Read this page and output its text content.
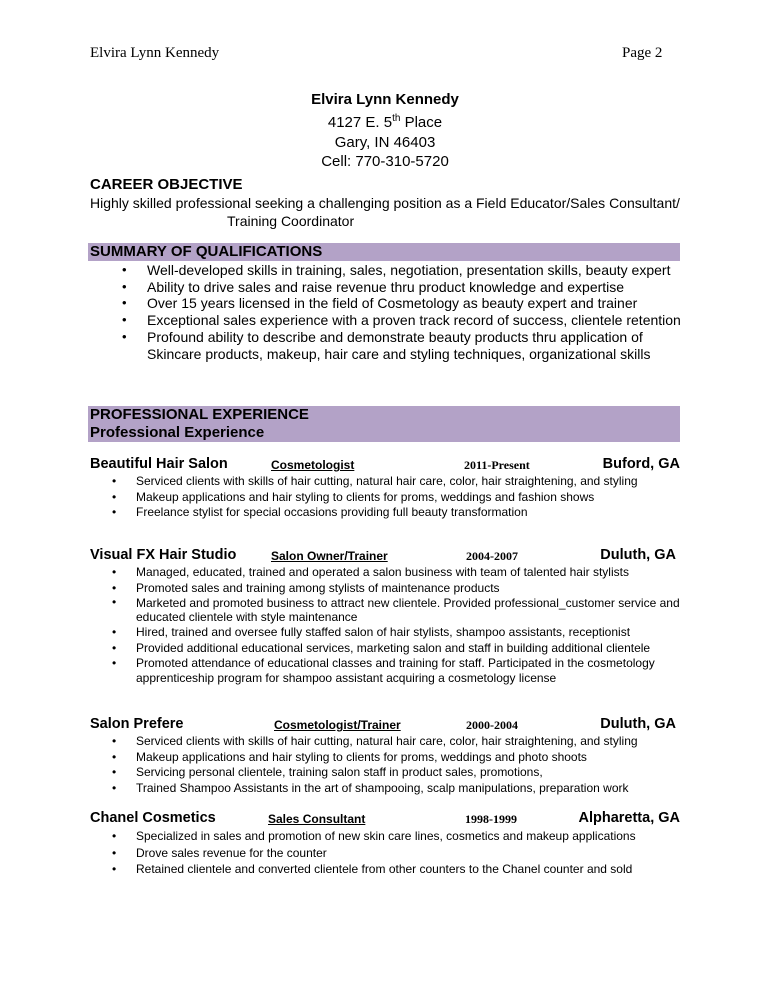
Elvira Lynn Kennedy	Page 2
Elvira Lynn Kennedy
4127 E. 5th Place
Gary, IN 46403
Cell: 770-310-5720
CAREER OBJECTIVE
Highly skilled professional seeking a challenging position as a Field Educator/Sales Consultant/
Training Coordinator
SUMMARY OF QUALIFICATIONS
• Well-developed skills in training, sales, negotiation, presentation skills, beauty expert
• Ability to drive sales and raise revenue thru product knowledge and expertise
• Over 15 years licensed in the field of Cosmetology as beauty expert and trainer
• Exceptional sales experience with a proven track record of success, clientele retention
• Profound ability to describe and demonstrate beauty products thru application of Skincare products, makeup, hair care and styling techniques, organizational skills
PROFESSIONAL EXPERIENCE
Professional Experience
Beautiful Hair Salon	Cosmetologist	2011-Present	Buford, GA
• Serviced clients with skills of hair cutting, natural hair care, color, hair straightening, and styling
• Makeup applications and hair styling to clients for proms, weddings and fashion shows
• Freelance stylist for special occasions providing full beauty transformation
Visual FX Hair Studio	Salon Owner/Trainer	2004-2007	Duluth, GA
• Managed, educated, trained and operated a salon business with team of talented hair stylists
• Promoted sales and training among stylists of maintenance products
• Marketed and promoted business to attract new clientele. Provided professional_customer service and educated clientele with style maintenance
• Hired, trained and oversee fully staffed salon of hair stylists, shampoo assistants, receptionist
• Provided additional educational services, marketing salon and staff in building additional clientele
• Promoted attendance of educational classes and training for staff. Participated in the cosmetology apprenticeship program for shampoo assistant acquiring a cosmetology license
Salon Prefere	Cosmetologist/Trainer	2000-2004	Duluth, GA
• Serviced clients with skills of hair cutting, natural hair care, color, hair straightening, and styling
• Makeup applications and hair styling to clients for proms, weddings and photo shoots
• Servicing personal clientele, training salon staff in product sales, promotions,
• Trained Shampoo Assistants in the art of shampooing, scalp manipulations, preparation work
Chanel Cosmetics	Sales Consultant	1998-1999	Alpharetta, GA
• Specialized in sales and promotion of new skin care lines, cosmetics and makeup applications
• Drove sales revenue for the counter
• Retained clientele and converted clientele from other counters to the Chanel counter and sold
